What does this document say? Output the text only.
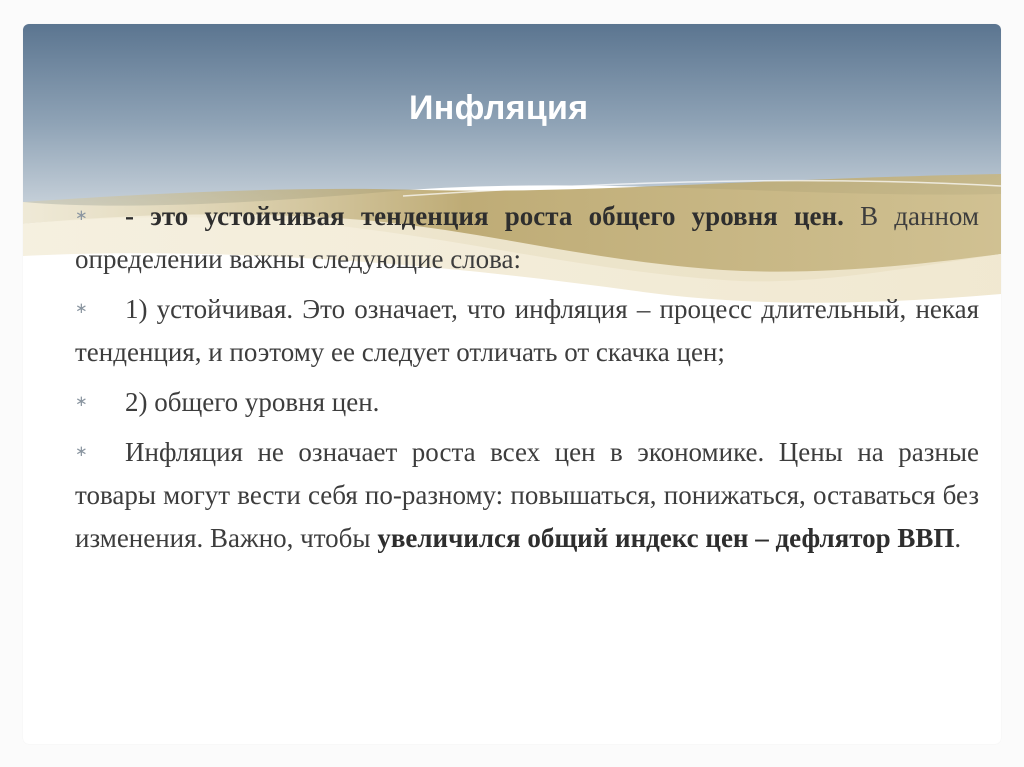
Инфляция
∗ - это устойчивая тенденция роста общего уровня цен. В данном определении важны следующие слова:
∗ 1) устойчивая. Это означает, что инфляция – процесс длительный, некая тенденция, и поэтому ее следует отличать от скачка цен;
∗ 2) общего уровня цен.
∗ Инфляция не означает роста всех цен в экономике. Цены на разные товары могут вести себя по-разному: повышаться, понижаться, оставаться без изменения. Важно, чтобы увеличился общий индекс цен – дефлятор ВВП.
